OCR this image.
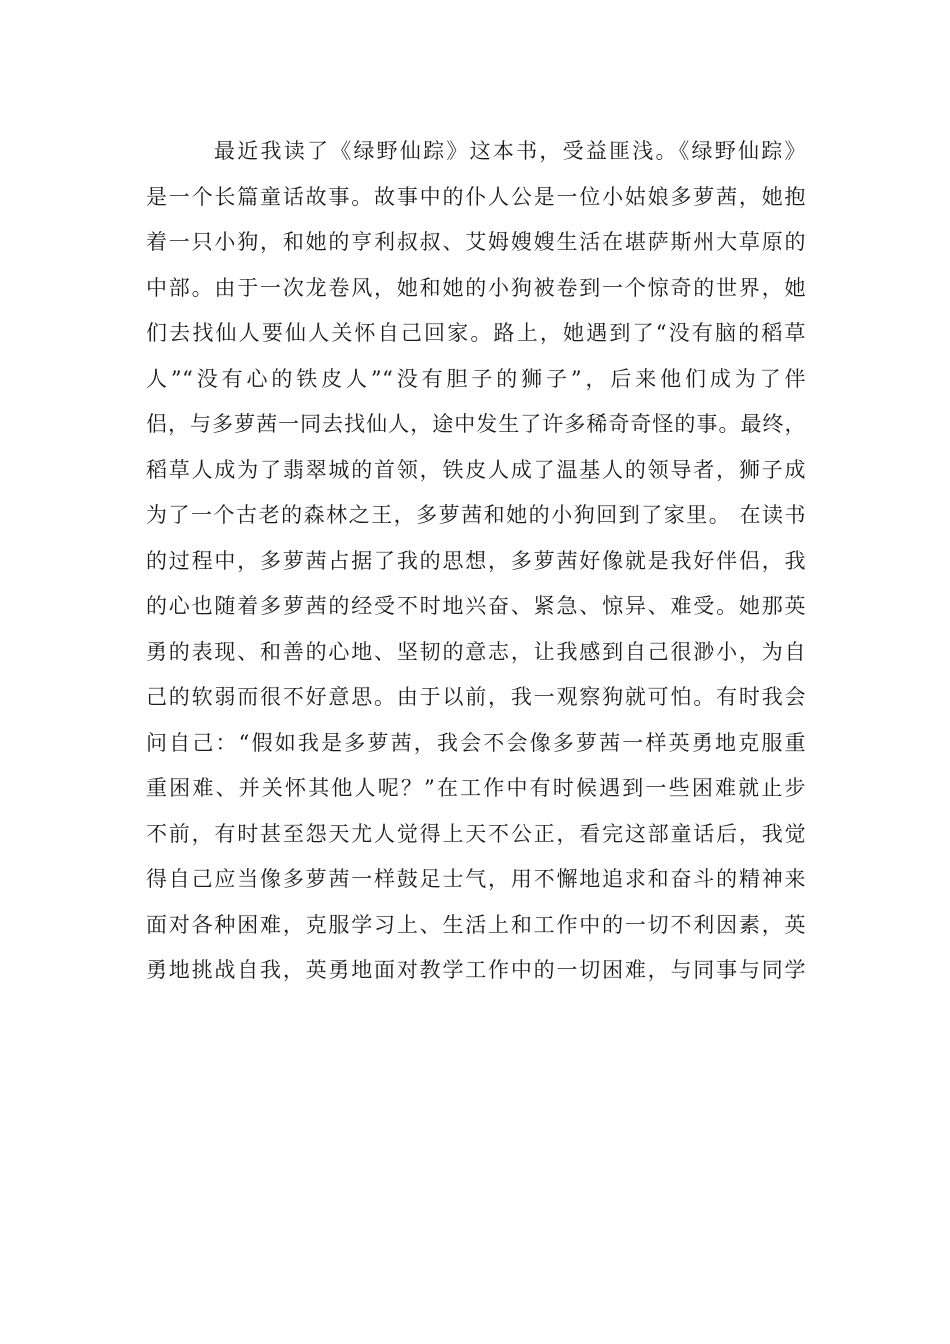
最近我读了《绿野仙踪》这本书，受益匪浅。《绿野仙踪》
是一个长篇童话故事。故事中的仆人公是一位小姑娘多萝茜，她抱
着一只小狗，和她的亨利叔叔、艾姆嫂嫂生活在堪萨斯州大草原的
中部。由于一次龙卷风，她和她的小狗被卷到一个惊奇的世界，她
们去找仙人要仙人关怀自己回家。路上，她遇到了“没有脑的稻草
人”“没有心的铁皮人”“没有胆子的狮子”，后来他们成为了伴
侣，与多萝茜一同去找仙人，途中发生了许多稀奇奇怪的事。最终，
稻草人成为了翡翠城的首领，铁皮人成了温基人的领导者，狮子成
为了一个古老的森林之王，多萝茜和她的小狗回到了家里。 在读书
的过程中，多萝茜占据了我的思想，多萝茜好像就是我好伴侣，我
的心也随着多萝茜的经受不时地兴奋、紧急、惊异、难受。她那英
勇的表现、和善的心地、坚韧的意志，让我感到自己很渺小，为自
己的软弱而很不好意思。由于以前，我一观察狗就可怕。有时我会
问自己：“假如我是多萝茜，我会不会像多萝茜一样英勇地克服重
重困难、并关怀其他人呢？”在工作中有时候遇到一些困难就止步
不前，有时甚至怨天尤人觉得上天不公正，看完这部童话后，我觉
得自己应当像多萝茜一样鼓足士气，用不懈地追求和奋斗的精神来
面对各种困难，克服学习上、生活上和工作中的一切不利因素，英
勇地挑战自我，英勇地面对教学工作中的一切困难，与同事与同学
